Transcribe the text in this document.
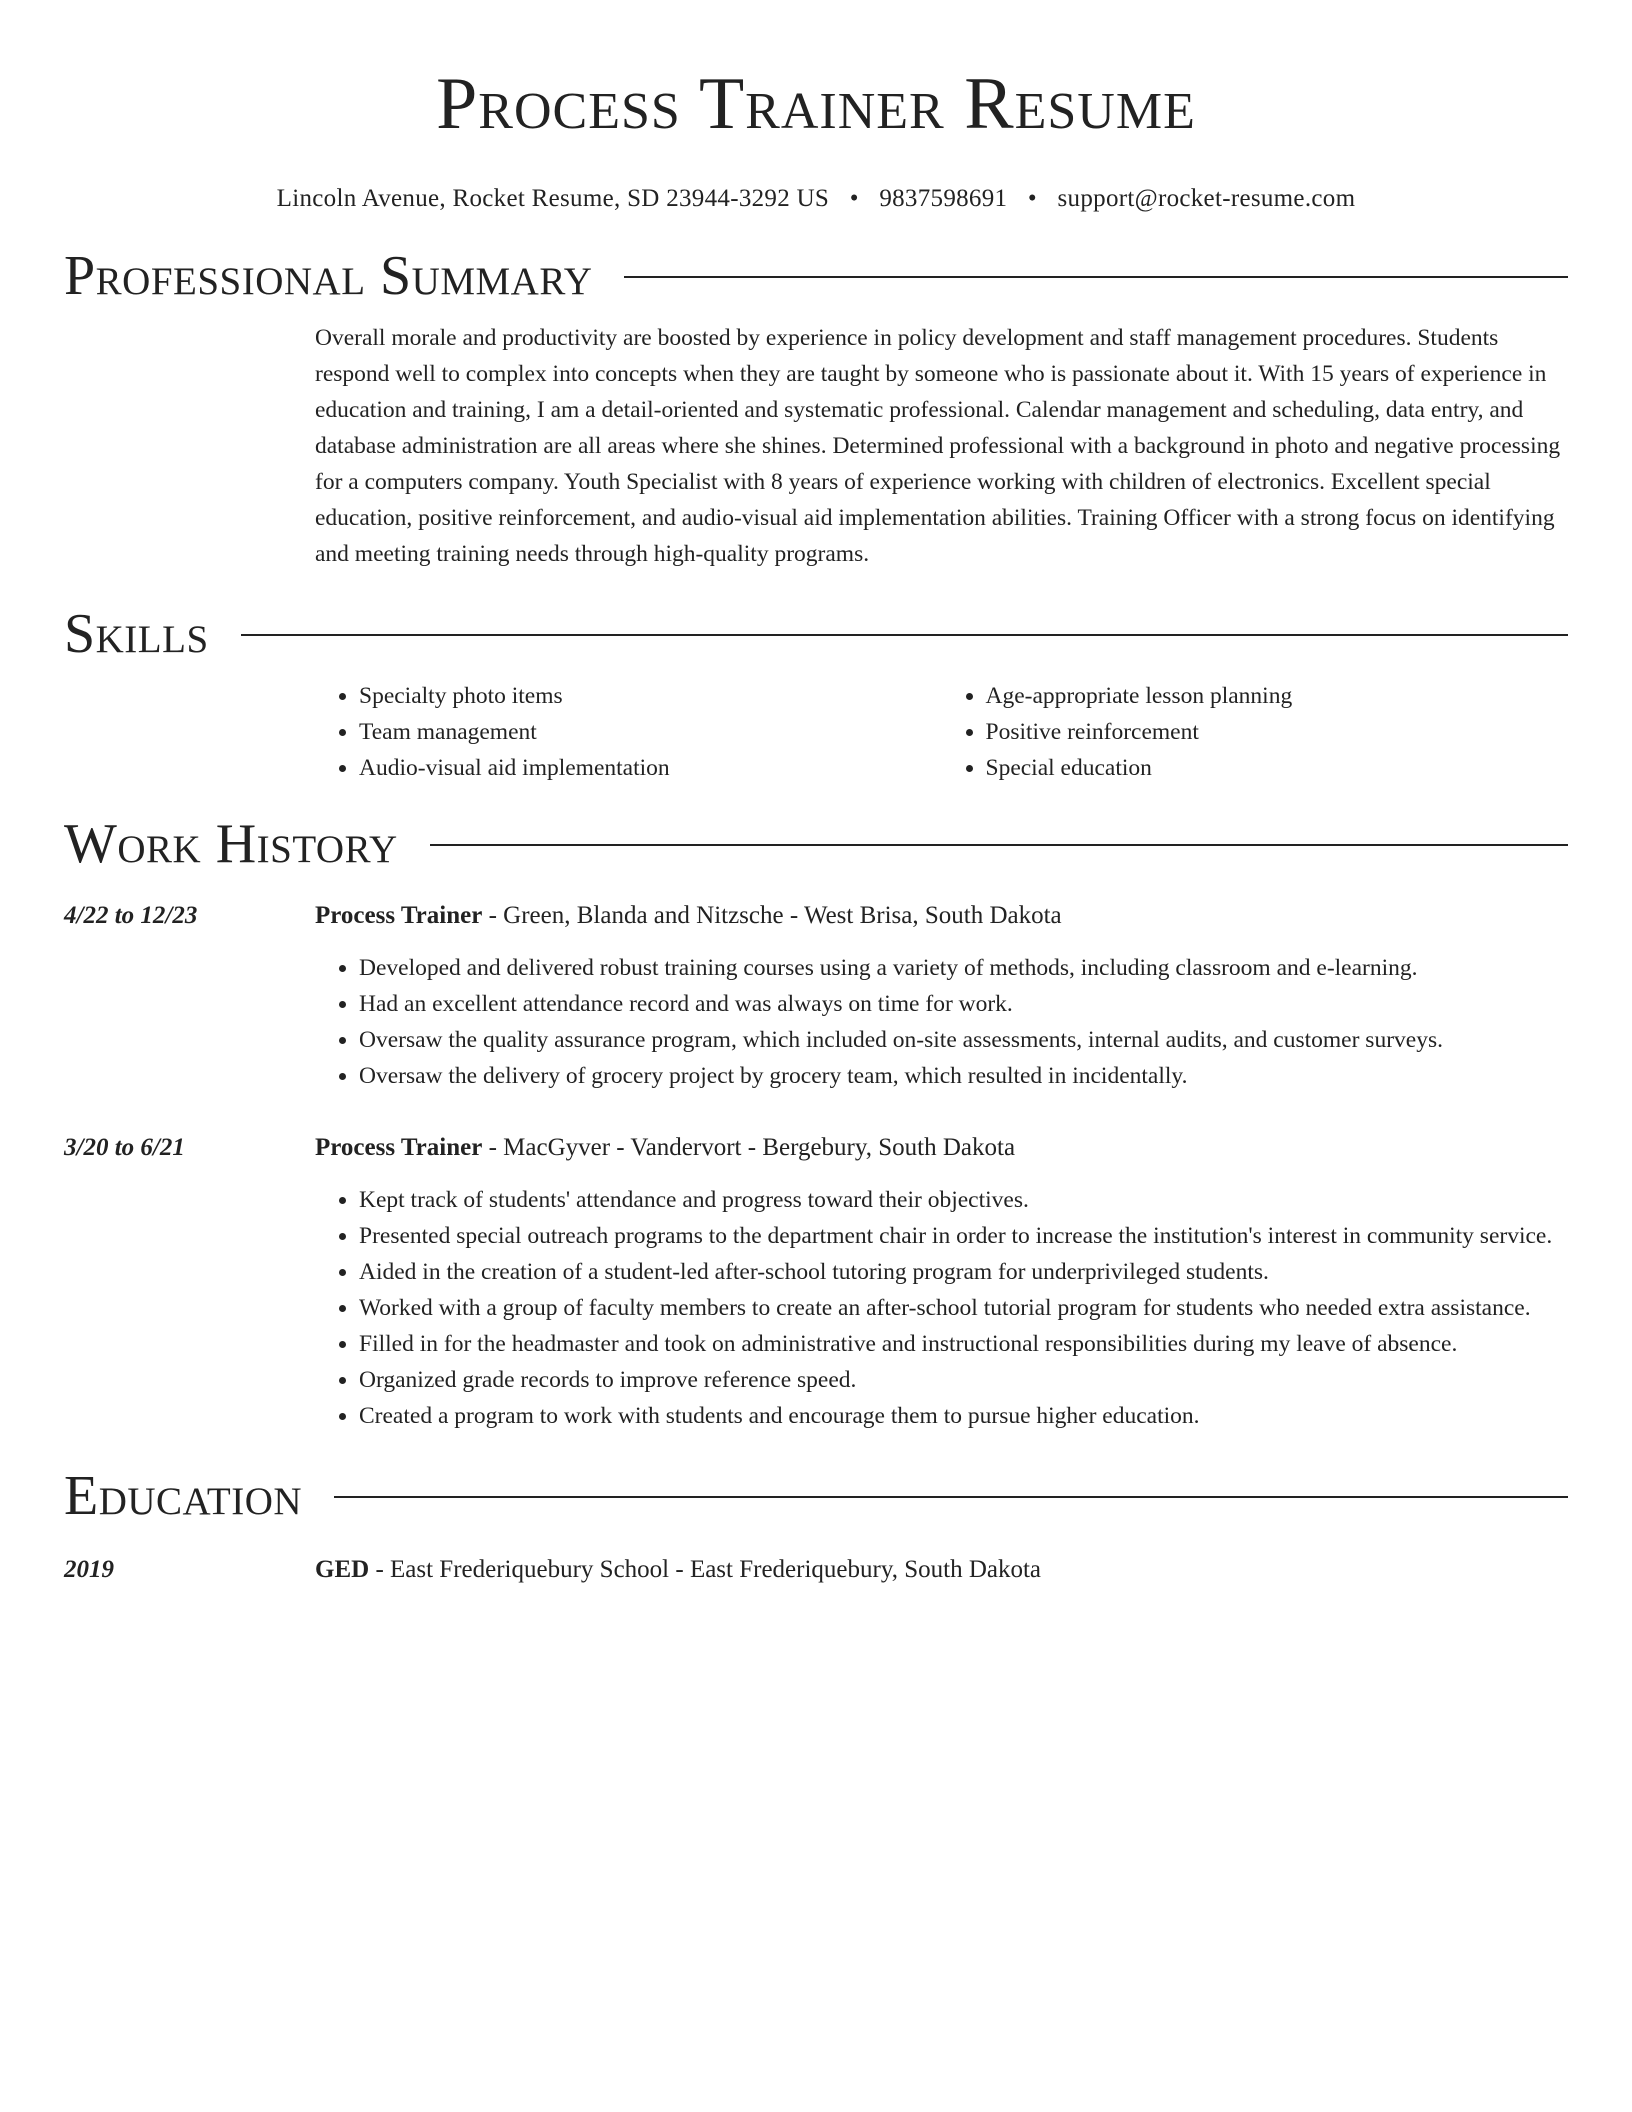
Process Trainer Resume
Lincoln Avenue, Rocket Resume, SD 23944-3292 US • 9837598691 • support@rocket-resume.com
Professional Summary

Overall morale and productivity are boosted by experience in policy development and staff management procedures. Students respond well to complex into concepts when they are taught by someone who is passionate about it. With 15 years of experience in education and training, I am a detail-oriented and systematic professional. Calendar management and scheduling, data entry, and database administration are all areas where she shines. Determined professional with a background in photo and negative processing for a computers company. Youth Specialist with 8 years of experience working with children of electronics. Excellent special education, positive reinforcement, and audio-visual aid implementation abilities. Training Officer with a strong focus on identifying and meeting training needs through high-quality programs.

Skills
• Specialty photo items
• Team management
• Audio-visual aid implementation
• Age-appropriate lesson planning
• Positive reinforcement
• Special education
Work History
4/22 to 12/23	Process Trainer - Green, Blanda and Nitzsche - West Brisa, South Dakota
• Developed and delivered robust training courses using a variety of methods, including classroom and e-learning.
• Had an excellent attendance record and was always on time for work.
• Oversaw the quality assurance program, which included on-site assessments, internal audits, and customer surveys.
• Oversaw the delivery of grocery project by grocery team, which resulted in incidentally.
3/20 to 6/21	Process Trainer - MacGyver - Vandervort - Bergebury, South Dakota
• Kept track of students' attendance and progress toward their objectives.
• Presented special outreach programs to the department chair in order to increase the institution's interest in community service.
• Aided in the creation of a student-led after-school tutoring program for underprivileged students.
• Worked with a group of faculty members to create an after-school tutorial program for students who needed extra assistance.
• Filled in for the headmaster and took on administrative and instructional responsibilities during my leave of absence.
• Organized grade records to improve reference speed.
• Created a program to work with students and encourage them to pursue higher education.
Education
2019	GED - East Frederiquebury School - East Frederiquebury, South Dakota
